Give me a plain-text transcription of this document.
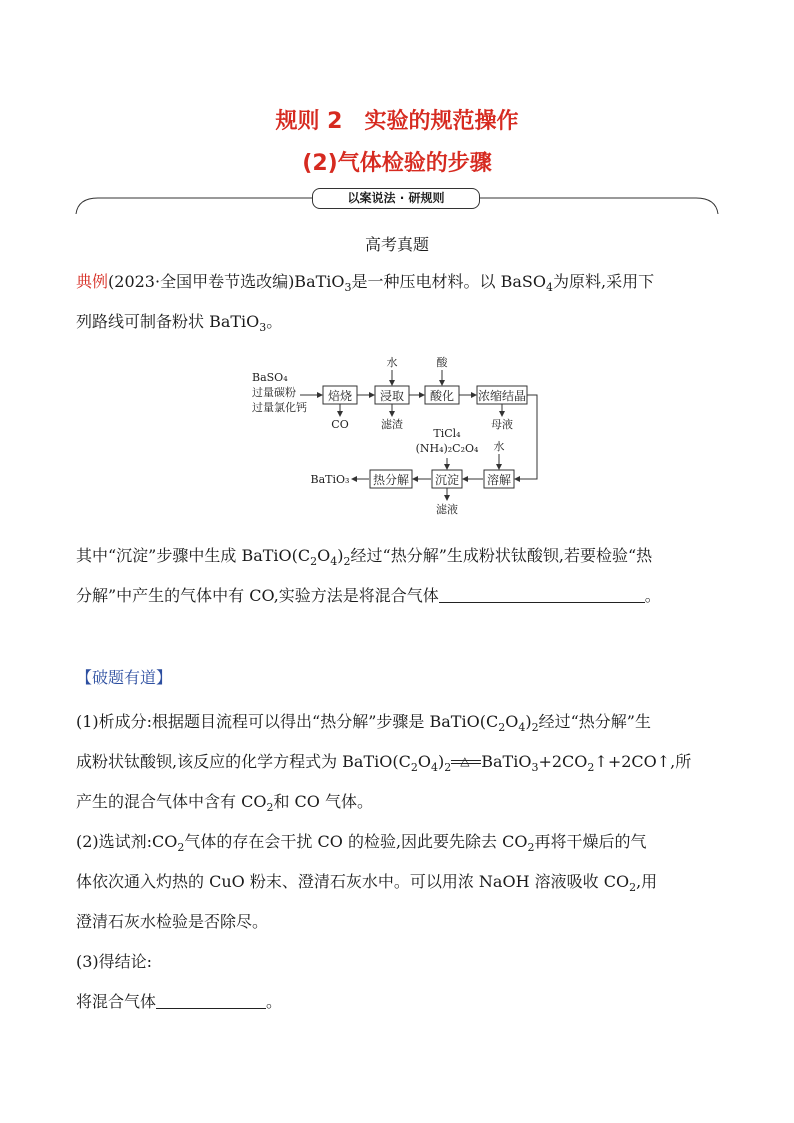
规则 2　实验的规范操作
(2)气体检验的步骤
以案说法 · 研规则
高考真题
典例(2023·全国甲卷节选改编)BaTiO$_3$是一种压电材料。以 BaSO$_4$为原料,采用下
列路线可制备粉状 BaTiO$_3$。
BaSO₄
过量碳粉
过量氯化钙
焙烧 浸取 酸化 浓缩结晶
溶解
沉淀
热分解
水	酸
CO	滤渣	母液
水
TiCl₄
(NH₄)₂C₂O₄
滤液
BaTiO₃
其中“沉淀”步骤中生成 $BaTiO(C_2O_4)_2$经过“热分解”生成粉状钛酸钡,若要检验“热
分解”中产生的气体中有 CO,实验方法是将混合气体	。
【破题有道】
(1)析成分:根据题目流程可以得出“热分解”步骤是 $BaTiO(C_2O_4)_2$经过“热分解”生
成粉状钛酸钡,该反应的化学方程式为 $BaTiO(C_2O_4)_2$ △ $BaTiO_3+2CO_2↑+2CO↑$,所
产生的混合气体中含有 $CO_2$和 CO 气体。
(2)选试剂$:CO_2$气体的存在会干扰 CO 的检验,因此要先除去 $CO_2$再将干燥后的气
体依次通入灼热的 CuO 粉末、澄清石灰水中。可以用浓 NaOH 溶液吸收 $CO_2$,用
澄清石灰水检验是否除尽。
(3)得结论:
将混合气体	。
